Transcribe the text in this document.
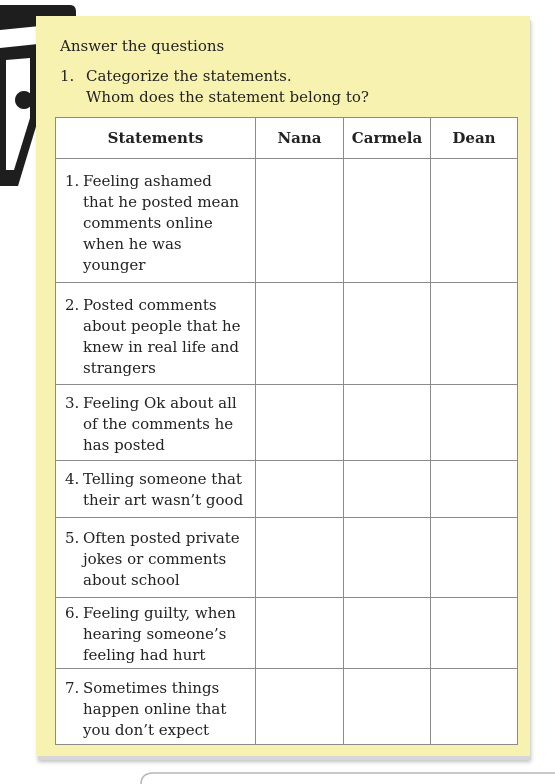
Answer the questions
1. Categorize the statements.
Whom does the statement belong to?
Statements	Nana	Carmela	Dean

1. Feeling ashamed that he posted mean comments online when he was younger			

2. Posted comments about people that he knew in real life and strangers			

3. Feeling Ok about all of the comments he has posted			

4. Telling someone that their art wasn’t good			

5. Often posted private jokes or comments about school			

6. Feeling guilty, when hearing someone’s feeling had hurt			

7. Sometimes things happen online that you don’t expect			
